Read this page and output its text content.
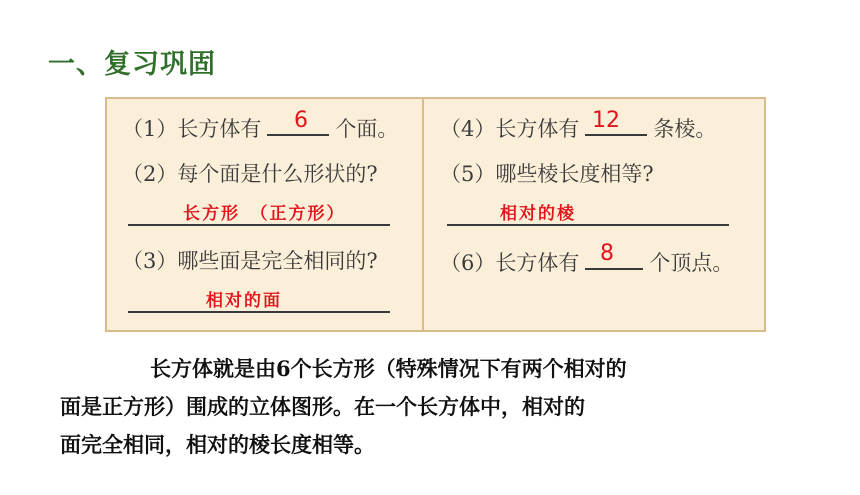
一、复习巩固
（1）长方体有	个面。
6
（2）每个面是什么形状的?
长方形　（正方形）
（3）哪些面是完全相同的?
相对的面
（4）长方体有	条棱。
12
（5）哪些棱长度相等?
相对的棱
（6）长方体有	个顶点。
8

长方体就是由6个长方形（特殊情况下有两个相对的

面是正方形）围成的立体图形。在一个长方体中，相对的

面完全相同，相对的棱长度相等。
